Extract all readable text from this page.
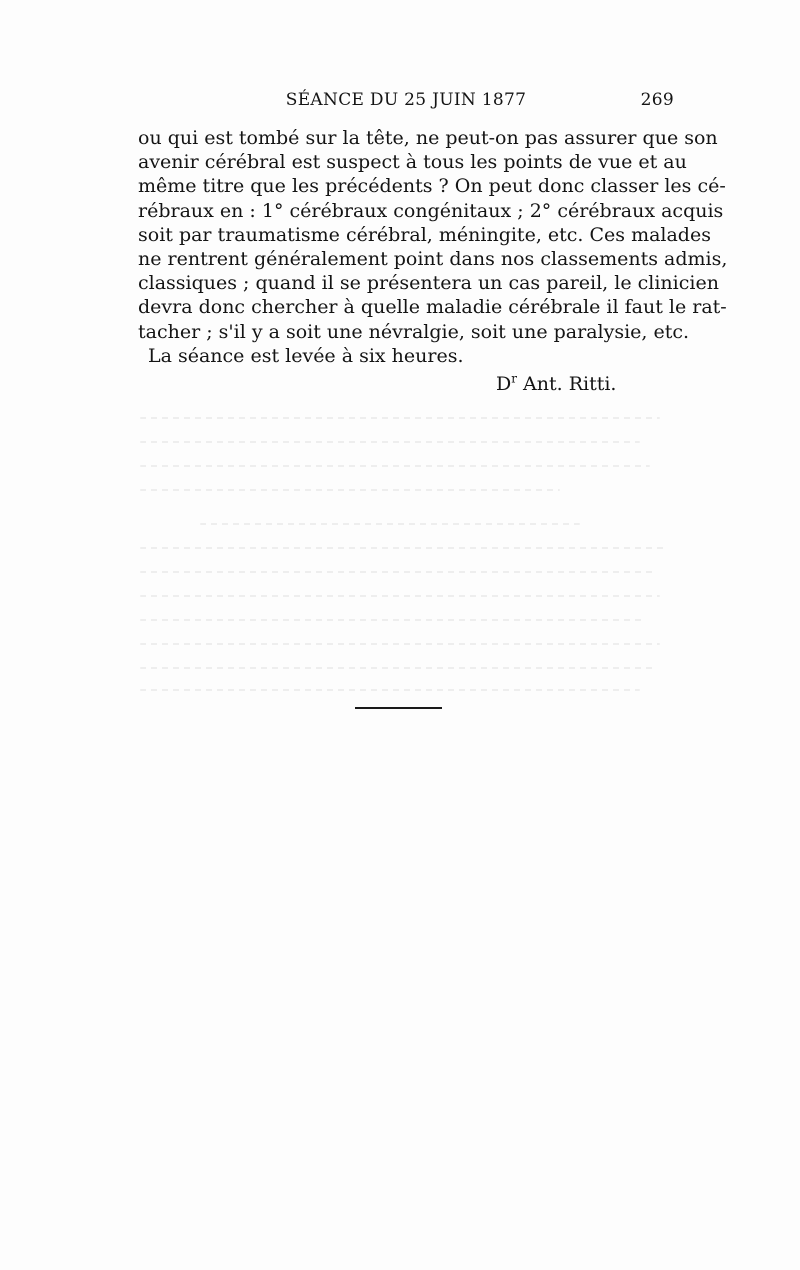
SÉANCE DU 25 JUIN 1877	269
ou qui est tombé sur la tête, ne peut-on pas assurer que son
avenir cérébral est suspect à tous les points de vue et au
même titre que les précédents ? On peut donc classer les cé-
rébraux en : 1° cérébraux congénitaux ; 2° cérébraux acquis
soit par traumatisme cérébral, méningite, etc. Ces malades
ne rentrent généralement point dans nos classements admis,
classiques ; quand il se présentera un cas pareil, le clinicien
devra donc chercher à quelle maladie cérébrale il faut le rat-
tacher ; s'il y a soit une névralgie, soit une paralysie, etc.
La séance est levée à six heures.
$D^r$ Ant. Ritti.
